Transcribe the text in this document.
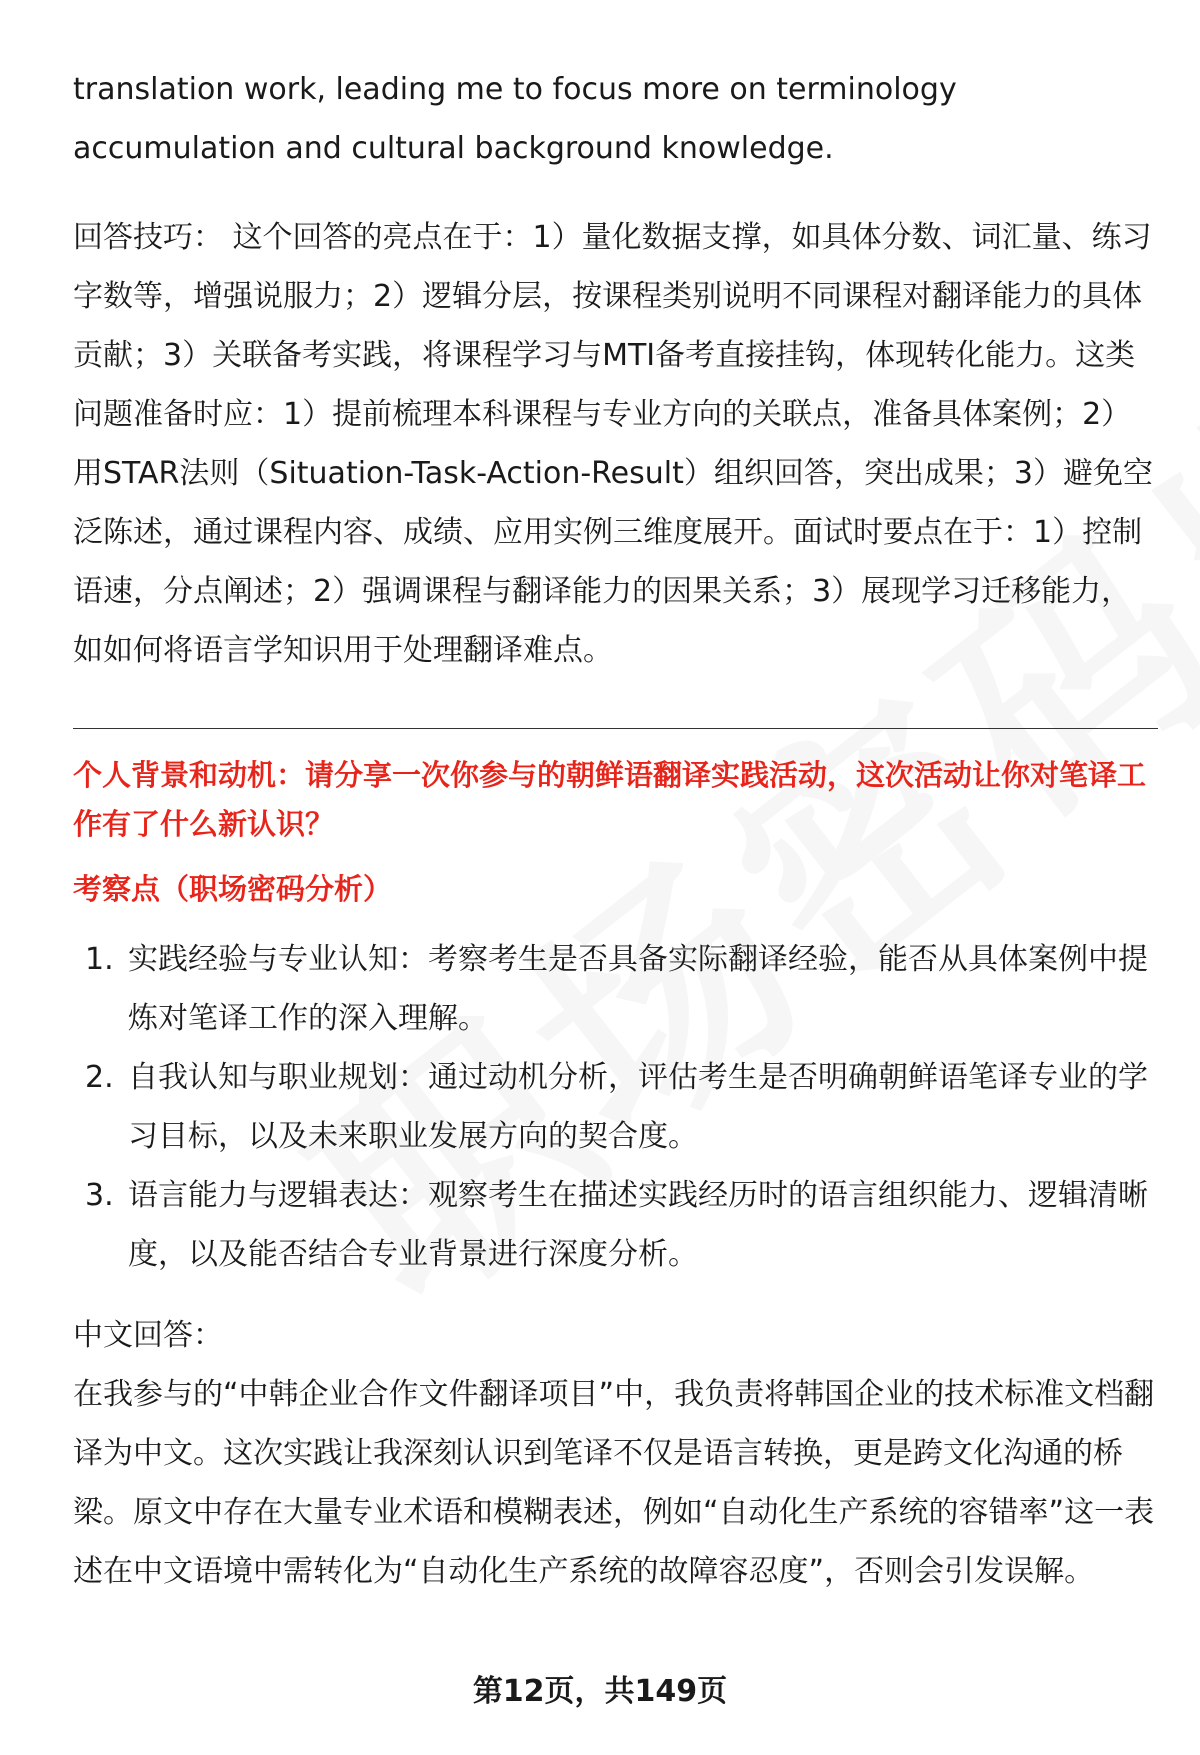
translation work, leading me to focus more on terminology accumulation and cultural background knowledge.

回答技巧： 这个回答的亮点在于：1）量化数据支撑，如具体分数、词汇量、练习字数等，增强说服力；2）逻辑分层，按课程类别说明不同课程对翻译能力的具体贡献；3）关联备考实践，将课程学习与MTI备考直接挂钩，体现转化能力。这类问题准备时应：1）提前梳理本科课程与专业方向的关联点，准备具体案例；2）用STAR法则（Situation-Task-Action-Result）组织回答，突出成果；3）避免空泛陈述，通过课程内容、成绩、应用实例三维度展开。面试时要点在于：1）控制语速，分点阐述；2）强调课程与翻译能力的因果关系；3）展现学习迁移能力，如如何将语言学知识用于处理翻译难点。

个人背景和动机：请分享一次你参与的朝鲜语翻译实践活动，这次活动让你对笔译工作有了什么新认识？

考察点（职场密码分析）

1. 实践经验与专业认知：考察考生是否具备实际翻译经验，能否从具体案例中提炼对笔译工作的深入理解。
2. 自我认知与职业规划：通过动机分析，评估考生是否明确朝鲜语笔译专业的学习目标，以及未来职业发展方向的契合度。
3. 语言能力与逻辑表达：观察考生在描述实践经历时的语言组织能力、逻辑清晰度，以及能否结合专业背景进行深度分析。

中文回答：

在我参与的“中韩企业合作文件翻译项目”中，我负责将韩国企业的技术标准文档翻译为中文。这次实践让我深刻认识到笔译不仅是语言转换，更是跨文化沟通的桥梁。原文中存在大量专业术语和模糊表述，例如“自动化生产系统的容错率”这一表述在中文语境中需转化为“自动化生产系统的故障容忍度”，否则会引发误解。

第12页，共149页
